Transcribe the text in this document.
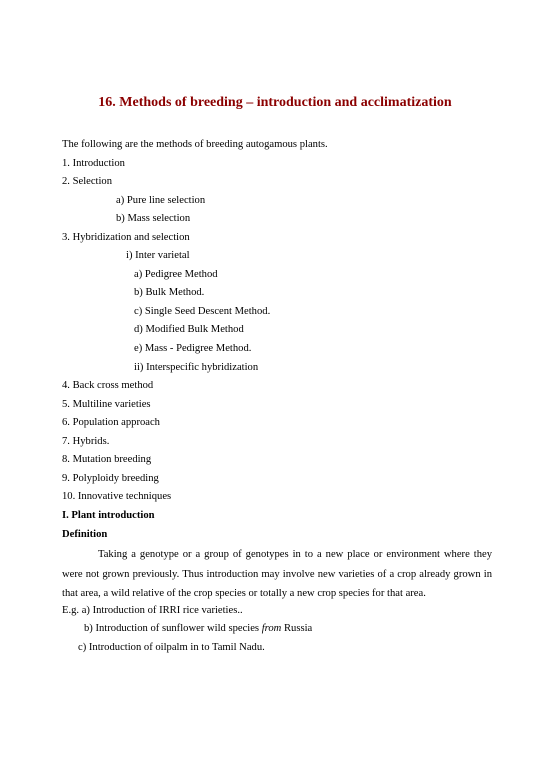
16. Methods of breeding – introduction and acclimatization
The following are the methods of breeding autogamous plants.
1. Introduction
2. Selection
a) Pure line selection
b) Mass selection
3. Hybridization and selection
i) Inter varietal
a) Pedigree Method
b) Bulk Method.
c) Single Seed Descent Method.
d) Modified Bulk Method
e) Mass - Pedigree Method.
ii) Interspecific hybridization
4. Back cross method
5. Multiline varieties
6. Population approach
7. Hybrids.
8. Mutation breeding
9. Polyploidy breeding
10. Innovative techniques
I. Plant introduction
Definition
Taking a genotype or a group of genotypes in to a new place or environment where they were not grown previously. Thus introduction may involve new varieties of a crop already grown in that area, a wild relative of the crop species or totally a new crop species for that area.
E.g. a) Introduction of IRRI rice varieties..
b) Introduction of sunflower wild species from Russia
c) Introduction of oilpalm in to Tamil Nadu.
